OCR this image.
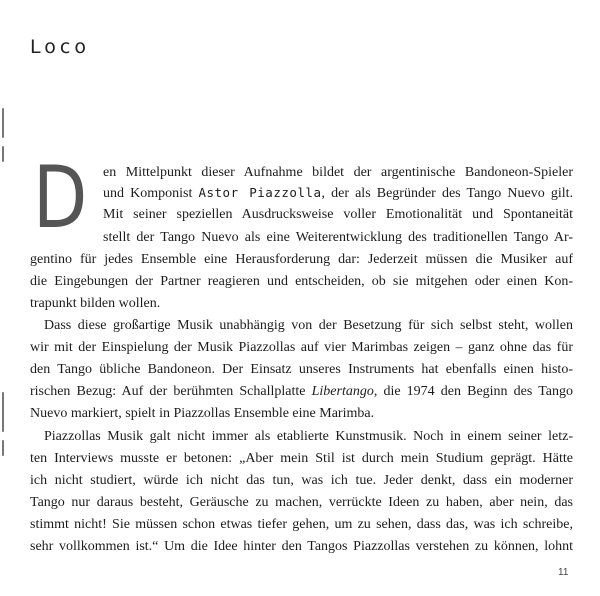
Loco
D en Mittelpunkt dieser Aufnahme bildet der argentinische Bandoneon-Spieler
und Komponist Astor Piazzolla, der als Begründer des Tango Nuevo gilt.
Mit seiner speziellen Ausdrucksweise voller Emotionalität und Spontaneität
stellt der Tango Nuevo als eine Weiterentwicklung des traditionellen Tango Ar-
gentino für jedes Ensemble eine Herausforderung dar: Jederzeit müssen die Musiker auf
die Eingebungen der Partner reagieren und entscheiden, ob sie mitgehen oder einen Kon-
trapunkt bilden wollen.
Dass diese großartige Musik unabhängig von der Besetzung für sich selbst steht, wollen
wir mit der Einspielung der Musik Piazzollas auf vier Marimbas zeigen – ganz ohne das für
den Tango übliche Bandoneon. Der Einsatz unseres Instruments hat ebenfalls einen histo-
rischen Bezug: Auf der berühmten Schallplatte Libertango, die 1974 den Beginn des Tango
Nuevo markiert, spielt in Piazzollas Ensemble eine Marimba.
Piazzollas Musik galt nicht immer als etablierte Kunstmusik. Noch in einem seiner letz-
ten Interviews musste er betonen: „Aber mein Stil ist durch mein Studium geprägt. Hätte
ich nicht studiert, würde ich nicht das tun, was ich tue. Jeder denkt, dass ein moderner
Tango nur daraus besteht, Geräusche zu machen, verrückte Ideen zu haben, aber nein, das
stimmt nicht! Sie müssen schon etwas tiefer gehen, um zu sehen, dass das, was ich schreibe,
sehr vollkommen ist.“ Um die Idee hinter den Tangos Piazzollas verstehen zu können, lohnt
11
